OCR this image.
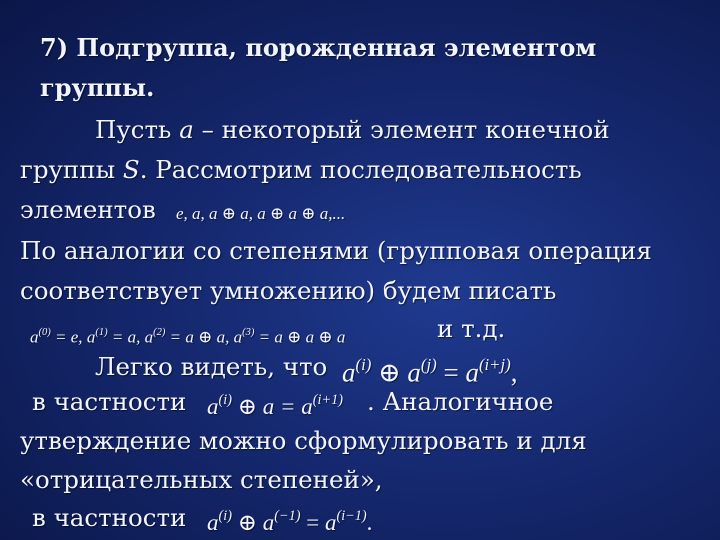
7) Подгруппа, порожденная элементом
группы.
Пусть a – некоторый элемент конечной
группы S. Рассмотрим последовательность
элементов e, a, a ⊕ a, a ⊕ a ⊕ a,...
По аналогии со степенями (групповая операция
соответствует умножению) будем писать
$a^{(0)} = e$, $a^{(1)} = a$, $a^{(2)} = a$ ⊕ a, $a^{(3)} = a$ ⊕ a ⊕ a	и т.д.
Легко видеть, что $a^{(i)}$ ⊕ $a^{(j)} = a^{(i+j)}$,
в частности $a^{(i)}$ ⊕ $a = a^{(i+1)}$ . Аналогичное
утверждение можно сформулировать и для
«отрицательных степеней»,
в частности $a^{(i)}$ ⊕ $a^{(-1)} = a^{(i-1)}$.
